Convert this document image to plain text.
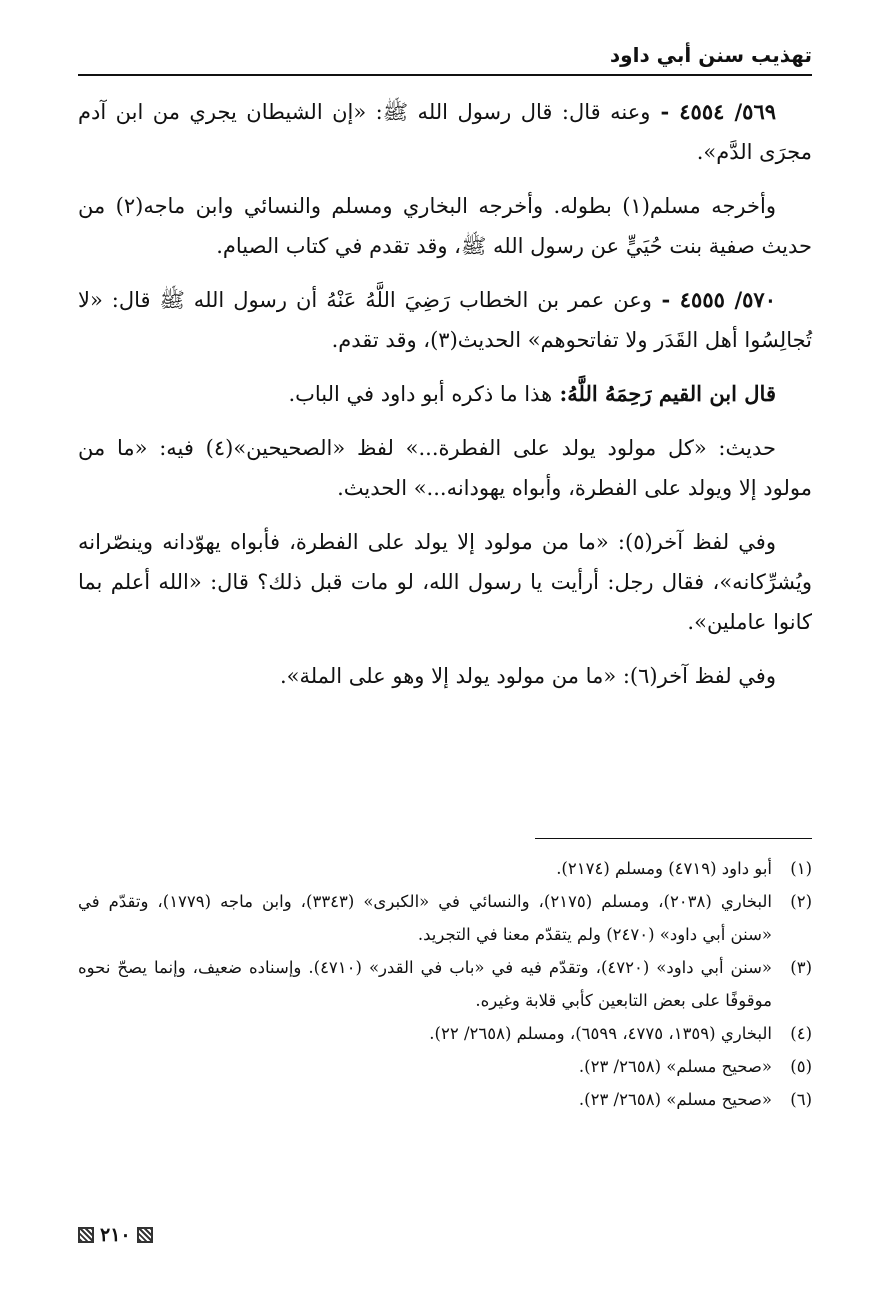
تهذيب سنن أبي داود

٥٦٩/ ٤٥٥٤ - وعنه قال: قال رسول الله ﷺ: «إن الشيطان يجري من ابن آدم مجرَى الدَّم».

وأخرجه مسلم(١) بطوله. وأخرجه البخاري ومسلم والنسائي وابن ماجه(٢) من حديث صفية بنت حُيَيٍّ عن رسول الله ﷺ، وقد تقدم في كتاب الصيام.

٥٧٠/ ٤٥٥٥ - وعن عمر بن الخطاب رَضِيَ اللَّهُ عَنْهُ أن رسول الله ﷺ قال: «لا تُجالِسُوا أهل القَدَر ولا تفاتحوهم» الحديث(٣)، وقد تقدم.

قال ابن القيم رَحِمَهُ اللَّهُ: هذا ما ذكره أبو داود في الباب.

حديث: «كل مولود يولد على الفطرة...» لفظ «الصحيحين»(٤) فيه: «ما من مولود إلا ويولد على الفطرة، وأبواه يهودانه...» الحديث.

وفي لفظ آخر(٥): «ما من مولود إلا يولد على الفطرة، فأبواه يهوّدانه وينصّرانه ويُشرِّكانه»، فقال رجل: أرأيت يا رسول الله، لو مات قبل ذلك؟ قال: «الله أعلم بما كانوا عاملين».

وفي لفظ آخر(٦): «ما من مولود يولد إلا وهو على الملة».

(١)
أبو داود (٤٧١٩) ومسلم (٢١٧٤).
(٢)
البخاري (٢٠٣٨)، ومسلم (٢١٧٥)، والنسائي في «الكبرى» (٣٣٤٣)، وابن ماجه (١٧٧٩)، وتقدّم في «سنن أبي داود» (٢٤٧٠) ولم يتقدّم معنا في التجريد.
(٣)
«سنن أبي داود» (٤٧٢٠)، وتقدّم فيه في «باب في القدر» (٤٧١٠). وإسناده ضعيف، وإنما يصحّ نحوه موقوفًا على بعض التابعين كأبي قلابة وغيره.
(٤)
البخاري (١٣٥٩، ٤٧٧٥، ٦٥٩٩)، ومسلم (٢٦٥٨/ ٢٢).
(٥)
«صحيح مسلم» (٢٦٥٨/ ٢٣).
(٦)
«صحيح مسلم» (٢٦٥٨/ ٢٣).
٢١٠
